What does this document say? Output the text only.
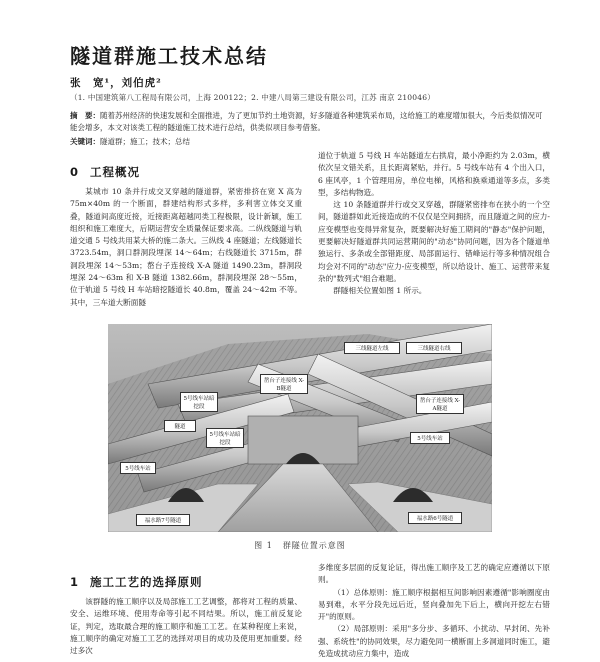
隧道群施工技术总结
张　宽¹，刘伯虎²
（1. 中国建筑第八工程局有限公司，上海 200122；2. 中建八局第三建设有限公司，江苏 南京 210046）
摘　要：随着苏州经济的快速发展和全面推进，为了更加节约土地资源，好多隧道各种建筑采布局，这给施工的难度增加很大，今后类似情况可能会增多，本文对该类工程的隧道施工技术进行总结，供类似项目参考借鉴。
关键词：隧道群；施工；技术；总结
0 工程概况

某城市 10 条并行成交叉穿越的隧道群，紧密排挤在宽 X 高为 75m×40m 的一个断面，群建结构形式多样，多利害立体交叉重叠，隧道间高度近接，近接距离超越同类工程极限，设计新颖，施工组织和施工难度大，后期运营安全质量保证要求高。二纵线隧道与轨道交通 5 号线共用某大桥的施二条大。三纵线 4 座隧道；左线隧道长 3723.54m，洞口群洞段埋深 14～64m；右线隧道长 3715m，群洞段埋深 14～53m；嶅台子连接线 X-A 隧道 1490.23m，群洞段埋深 24～63m 和 X-B 隧道 1382.66m，群洞段埋深 28～55m，位于轨道 5 号线 H 车站暗挖隧道长 40.8m，覆盖 24～42m 不等。其中，三车道大断面隧

道位于轨道 5 号线 H 车站隧道左右拱肩，最小净距约为 2.03m，横依次呈文错关系，且长距离紧贴，并行。5 号线车站有 4 个出入口，6 座风亭，1 个管理用房，单位电梯，风格和换乘通道等多点，多类型，多结构物造。

这 10 条隧道群并行或交叉穿越，群隧紧密排布在狭小的一个空间，隧道群如此近接造成的不仅仅是空间拥挤，而且隧道之间的应力-应变模型也变得异常复杂，既要解决好施工期间的"静态"保护问题，更要解决好隧道群共同运营期间的"动态"协同问题，因为各个隧道单独运行、多条或全部错距度、局部面运行、错峰运行等多种情况组合均会对不同的"动态"应力-应变模型，所以给设计、施工、运营带来复杂的"数列式"组合难题。

群隧相关位置如图 1 所示。

三线隧道左线	三线隧道右线
嶅台子连接线 X-B隧道
嶅台子连接线 X-A隧道
5号线车站暗挖段
5号线车站暗挖段
5号线车站
5号线车站
隧道
福水路7号隧道	福水路6号隧道
图 1 群隧位置示意图
1 施工工艺的选择原则

该群隧的施工顺序以及局部施工工艺调整，都将对工程的质量、安全、运维环境、使用寿命等引起不同结果。所以，施工前反复论证，判定，选取最合理的施工顺序和施工工艺。在某种程度上来说，施工顺序的确定对施工工艺的选择对项目的成功及使用更加重要。经过多次

多维度多层面的反复论证，得出施工顺序及工艺的确定应遵循以下原则。

（1）总体原则：施工顺序根据相互间影响因素遵循"影响圈度由易到难，水平分段先远后近，竖向叠加先下后上，横向开挖左右错开"的原则。

（2）局部原则：采用"多分步、多循环、小扰动、早封闭、先补强、系统性"的协同效果，尽力避免同一横断面上多洞道同时施工，避免造成扰动应力集中，造成
